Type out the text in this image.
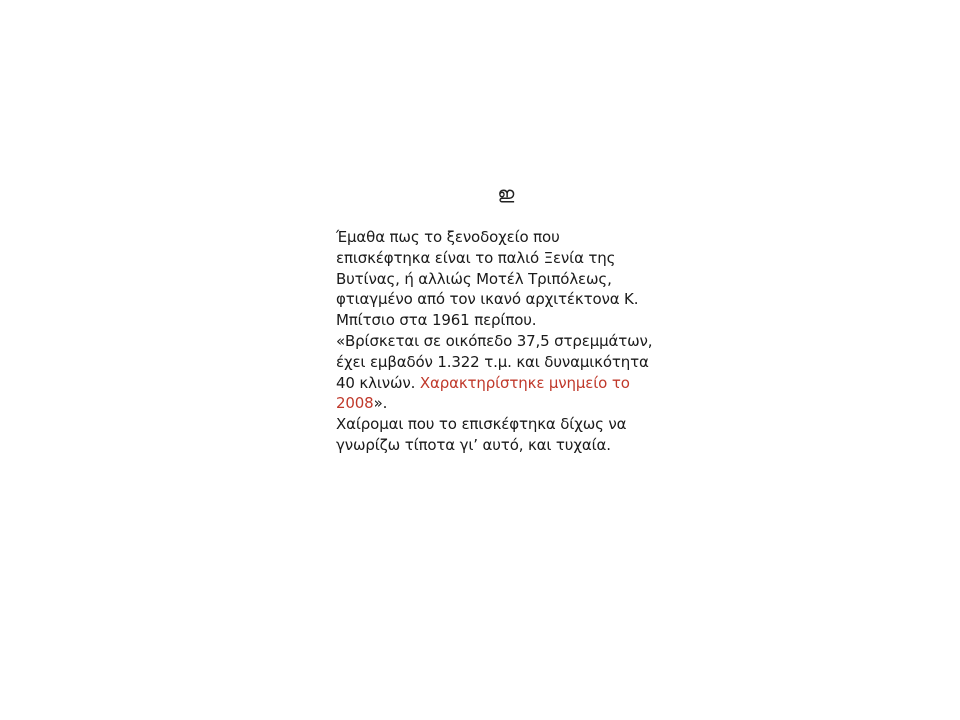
ഇ
Έμαθα πως το ξενοδοχείο που
επισκέφτηκα είναι το παλιό Ξενία της
Βυτίνας, ή αλλιώς Μοτέλ Τριπόλεως,
φτιαγμένο από τον ικανό αρχιτέκτονα Κ.
Μπίτσιο στα 1961 περίπου.
«Βρίσκεται σε οικόπεδο 37,5 στρεμμάτων,
έχει εμβαδόν 1.322 τ.μ. και δυναμικότητα
40 κλινών. Χαρακτηρίστηκε μνημείο το
2008».
Χαίρομαι που το επισκέφτηκα δίχως να
γνωρίζω τίποτα γι’ αυτό, και τυχαία.
